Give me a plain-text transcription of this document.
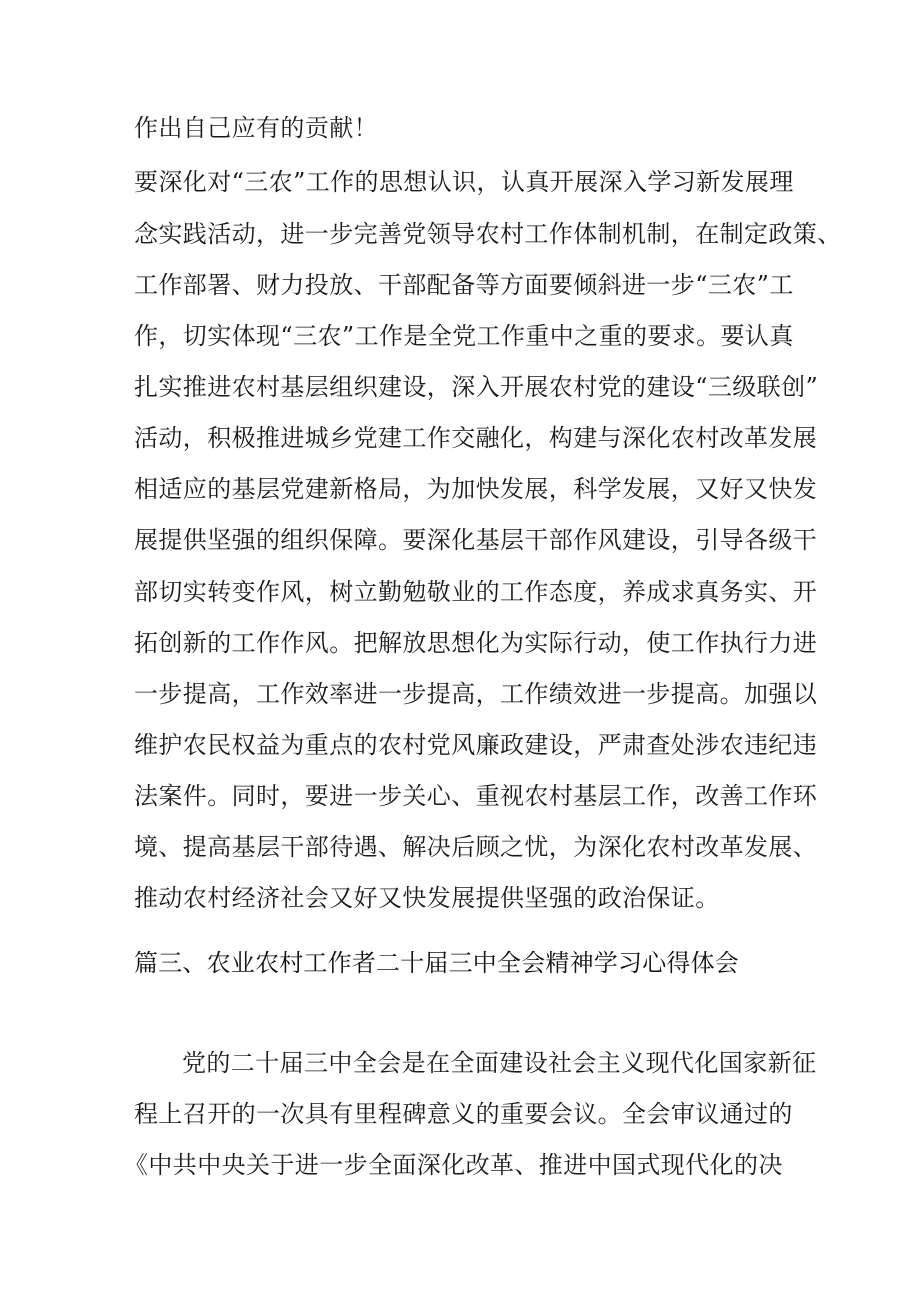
作出自己应有的贡献！
要深化对“三农”工作的思想认识，认真开展深入学习新发展理
念实践活动，进一步完善党领导农村工作体制机制，在制定政策、
工作部署、财力投放、干部配备等方面要倾斜进一步“三农”工
作，切实体现“三农”工作是全党工作重中之重的要求。要认真
扎实推进农村基层组织建设，深入开展农村党的建设“三级联创”
活动，积极推进城乡党建工作交融化，构建与深化农村改革发展
相适应的基层党建新格局，为加快发展，科学发展，又好又快发
展提供坚强的组织保障。要深化基层干部作风建设，引导各级干
部切实转变作风，树立勤勉敬业的工作态度，养成求真务实、开
拓创新的工作作风。把解放思想化为实际行动，使工作执行力进
一步提高，工作效率进一步提高，工作绩效进一步提高。加强以
维护农民权益为重点的农村党风廉政建设，严肃查处涉农违纪违
法案件。同时，要进一步关心、重视农村基层工作，改善工作环
境、提高基层干部待遇、解决后顾之忧，为深化农村改革发展、
推动农村经济社会又好又快发展提供坚强的政治保证。
篇三、农业农村工作者二十届三中全会精神学习心得体会
党的二十届三中全会是在全面建设社会主义现代化国家新征
程上召开的一次具有里程碑意义的重要会议。全会审议通过的
《中共中央关于进一步全面深化改革、推进中国式现代化的决
